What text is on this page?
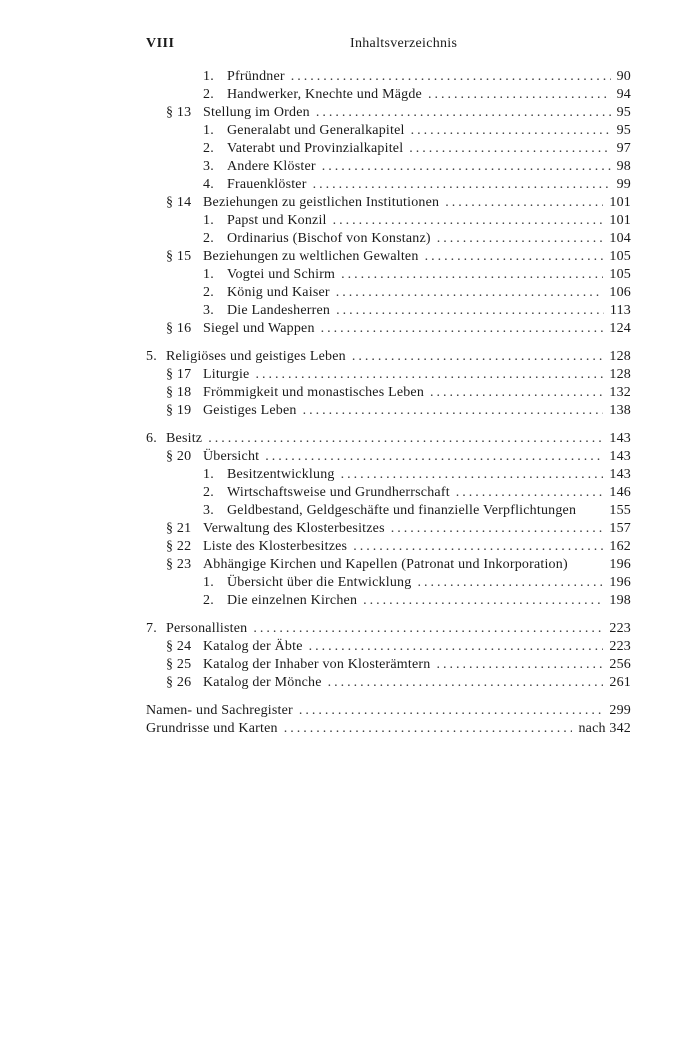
VIII	Inhaltsverzeichnis
1. Pfründner .....	90
2. Handwerker, Knechte und Mägde .....	94
§ 13 Stellung im Orden .....	95
1. Generalabt und Generalkapitel .....	95
2. Vaterabt und Provinzialkapitel .....	97
3. Andere Klöster .....	98
4. Frauenklöster .....	99
§ 14 Beziehungen zu geistlichen Institutionen .....	101
1. Papst und Konzil .....	101
2. Ordinarius (Bischof von Konstanz) .....	104
§ 15 Beziehungen zu weltlichen Gewalten .....	105
1. Vogtei und Schirm .....	105
2. König und Kaiser .....	106
3. Die Landesherren .....	113
§ 16 Siegel und Wappen .....	124
5. Religiöses und geistiges Leben .....	128
§ 17 Liturgie .....	128
§ 18 Frömmigkeit und monastisches Leben .....	132
§ 19 Geistiges Leben .....	138
6. Besitz .....	143
§ 20 Übersicht .....	143
1. Besitzentwicklung .....	143
2. Wirtschaftsweise und Grundherrschaft .....	146
3. Geldbestand, Geldgeschäfte und finanzielle Verpflichtungen 155
§ 21 Verwaltung des Klosterbesitzes .....	157
§ 22 Liste des Klosterbesitzes .....	162
§ 23 Abhängige Kirchen und Kapellen (Patronat und Inkorporation)	196
1. Übersicht über die Entwicklung .....	196
2. Die einzelnen Kirchen .....	198
7. Personallisten .....	223
§ 24 Katalog der Äbte .....	223
§ 25 Katalog der Inhaber von Klosterämtern .....	256
§ 26 Katalog der Mönche .....	261
Namen- und Sachregister .....	299
Grundrisse und Karten .....	nach 342
